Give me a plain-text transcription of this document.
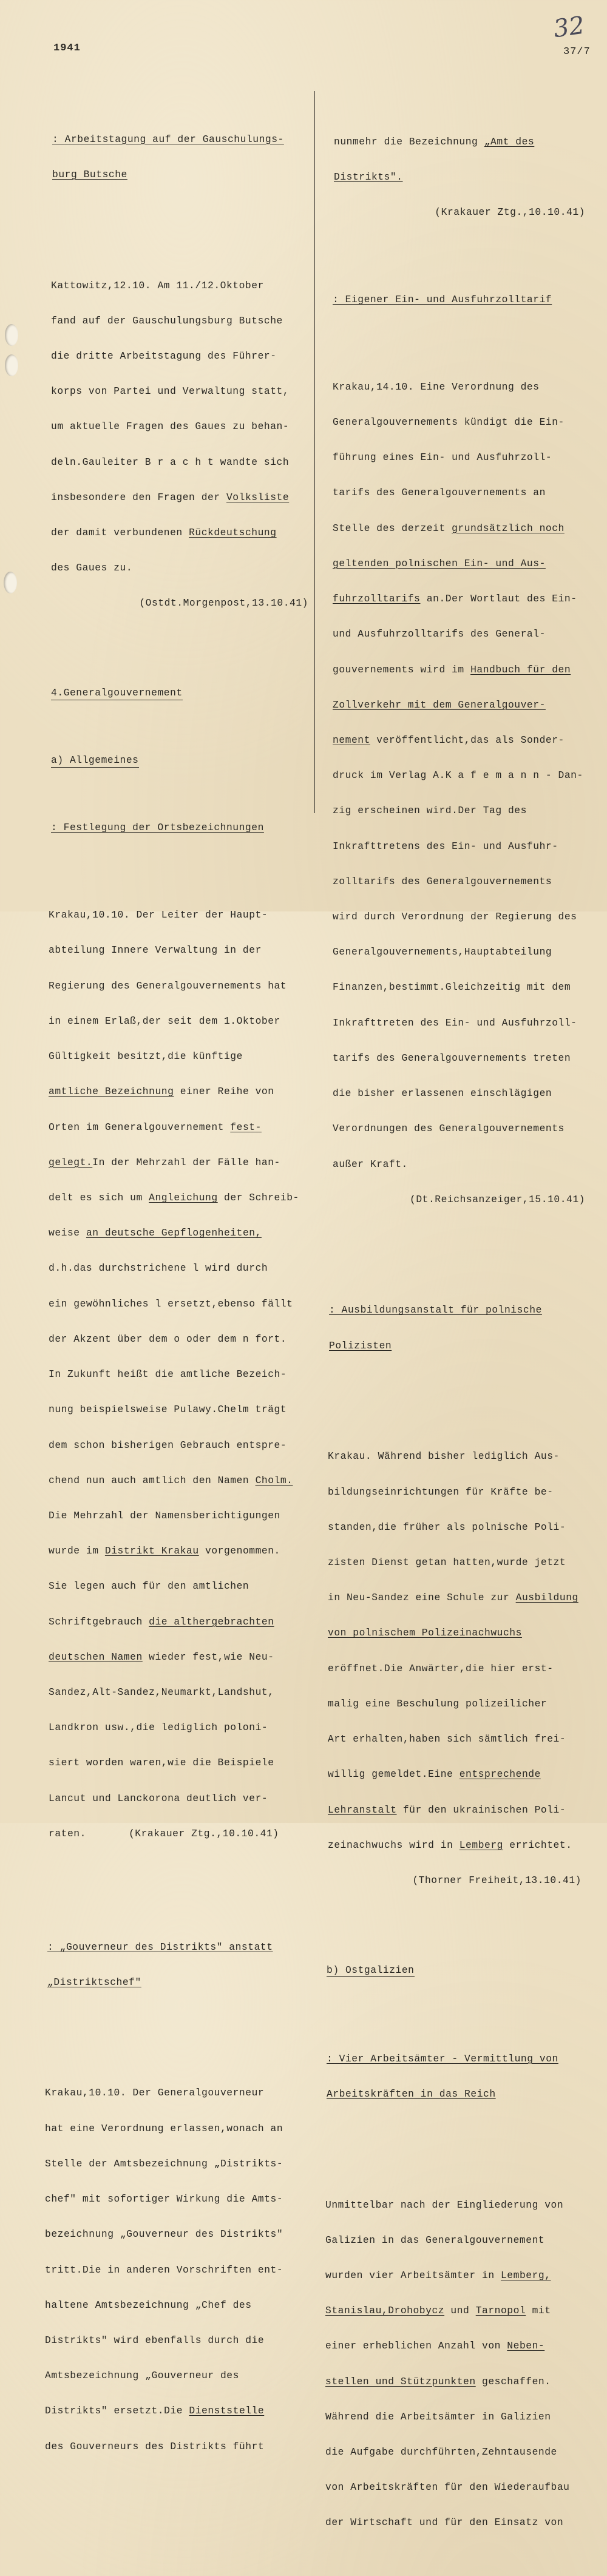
1941	37/7
32

: Arbeitstagung auf der Gauschulungs-

burg Butsche

Kattowitz,12.10. Am 11./12.Oktober

fand auf der Gauschulungsburg Butsche

die dritte Arbeitstagung des Führer-

korps von Partei und Verwaltung statt,

um aktuelle Fragen des Gaues zu behan-

deln.Gauleiter B r a c h t wandte sich

insbesondere den Fragen der Volksliste

der damit verbundenen Rückdeutschung

des Gaues zu.

(Ostdt.Morgenpost,13.10.41)

4.Generalgouvernement

a) Allgemeines

: Festlegung der Ortsbezeichnungen

Krakau,10.10. Der Leiter der Haupt-

abteilung Innere Verwaltung in der

Regierung des Generalgouvernements hat

in einem Erlaß,der seit dem 1.Oktober

Gültigkeit besitzt,die künftige

amtliche Bezeichnung einer Reihe von

Orten im Generalgouvernement fest-

gelegt.In der Mehrzahl der Fälle han-

delt es sich um Angleichung der Schreib-

weise an deutsche Gepflogenheiten,

d.h.das durchstrichene l wird durch

ein gewöhnliches l ersetzt,ebenso fällt

der Akzent über dem o oder dem n fort.

In Zukunft heißt die amtliche Bezeich-

nung beispielsweise Pulawy.Chelm trägt

dem schon bisherigen Gebrauch entspre-

chend nun auch amtlich den Namen Cholm.

Die Mehrzahl der Namensberichtigungen

wurde im Distrikt Krakau vorgenommen.

Sie legen auch für den amtlichen

Schriftgebrauch die althergebrachten

deutschen Namen wieder fest,wie Neu-

Sandez,Alt-Sandez,Neumarkt,Landshut,

Landkron usw.,die lediglich poloni-

siert worden waren,wie die Beispiele

Lancut und Lanckorona deutlich ver-

raten.	(Krakauer Ztg.,10.10.41)

: „Gouverneur des Distrikts" anstatt

„Distriktschef"

Krakau,10.10. Der Generalgouverneur

hat eine Verordnung erlassen,wonach an

Stelle der Amtsbezeichnung „Distrikts-

chef" mit sofortiger Wirkung die Amts-

bezeichnung „Gouverneur des Distrikts"

tritt.Die in anderen Vorschriften ent-

haltene Amtsbezeichnung „Chef des

Distrikts" wird ebenfalls durch die

Amtsbezeichnung „Gouverneur des

Distrikts" ersetzt.Die Dienststelle

des Gouverneurs des Distrikts führt

nunmehr die Bezeichnung „Amt des

Distrikts".

(Krakauer Ztg.,10.10.41)

: Eigener Ein- und Ausfuhrzolltarif

Krakau,14.10. Eine Verordnung des

Generalgouvernements kündigt die Ein-

führung eines Ein- und Ausfuhrzoll-

tarifs des Generalgouvernements an

Stelle des derzeit grundsätzlich noch

geltenden polnischen Ein- und Aus-

fuhrzolltarifs an.Der Wortlaut des Ein-

und Ausfuhrzolltarifs des General-

gouvernements wird im Handbuch für den

Zollverkehr mit dem Generalgouver-

nement veröffentlicht,das als Sonder-

druck im Verlag A.K a f e m a n n - Dan-

zig erscheinen wird.Der Tag des

Inkrafttretens des Ein- und Ausfuhr-

zolltarifs des Generalgouvernements

wird durch Verordnung der Regierung des

Generalgouvernements,Hauptabteilung

Finanzen,bestimmt.Gleichzeitig mit dem

Inkrafttreten des Ein- und Ausfuhrzoll-

tarifs des Generalgouvernements treten

die bisher erlassenen einschlägigen

Verordnungen des Generalgouvernements

außer Kraft.

(Dt.Reichsanzeiger,15.10.41)

: Ausbildungsanstalt für polnische

Polizisten

Krakau. Während bisher lediglich Aus-

bildungseinrichtungen für Kräfte be-

standen,die früher als polnische Poli-

zisten Dienst getan hatten,wurde jetzt

in Neu-Sandez eine Schule zur Ausbildung

von polnischem Polizeinachwuchs

eröffnet.Die Anwärter,die hier erst-

malig eine Beschulung polizeilicher

Art erhalten,haben sich sämtlich frei-

willig gemeldet.Eine entsprechende

Lehranstalt für den ukrainischen Poli-

zeinachwuchs wird in Lemberg errichtet.

(Thorner Freiheit,13.10.41)

b) Ostgalizien

: Vier Arbeitsämter - Vermittlung von

Arbeitskräften in das Reich

Unmittelbar nach der Eingliederung von

Galizien in das Generalgouvernement

wurden vier Arbeitsämter in Lemberg,

Stanislau,Drohobycz und Tarnopol mit

einer erheblichen Anzahl von Neben-

stellen und Stützpunkten geschaffen.

Während die Arbeitsämter in Galizien

die Aufgabe durchführten,Zehntausende

von Arbeitskräften für den Wiederaufbau

der Wirtschaft und für den Einsatz von
